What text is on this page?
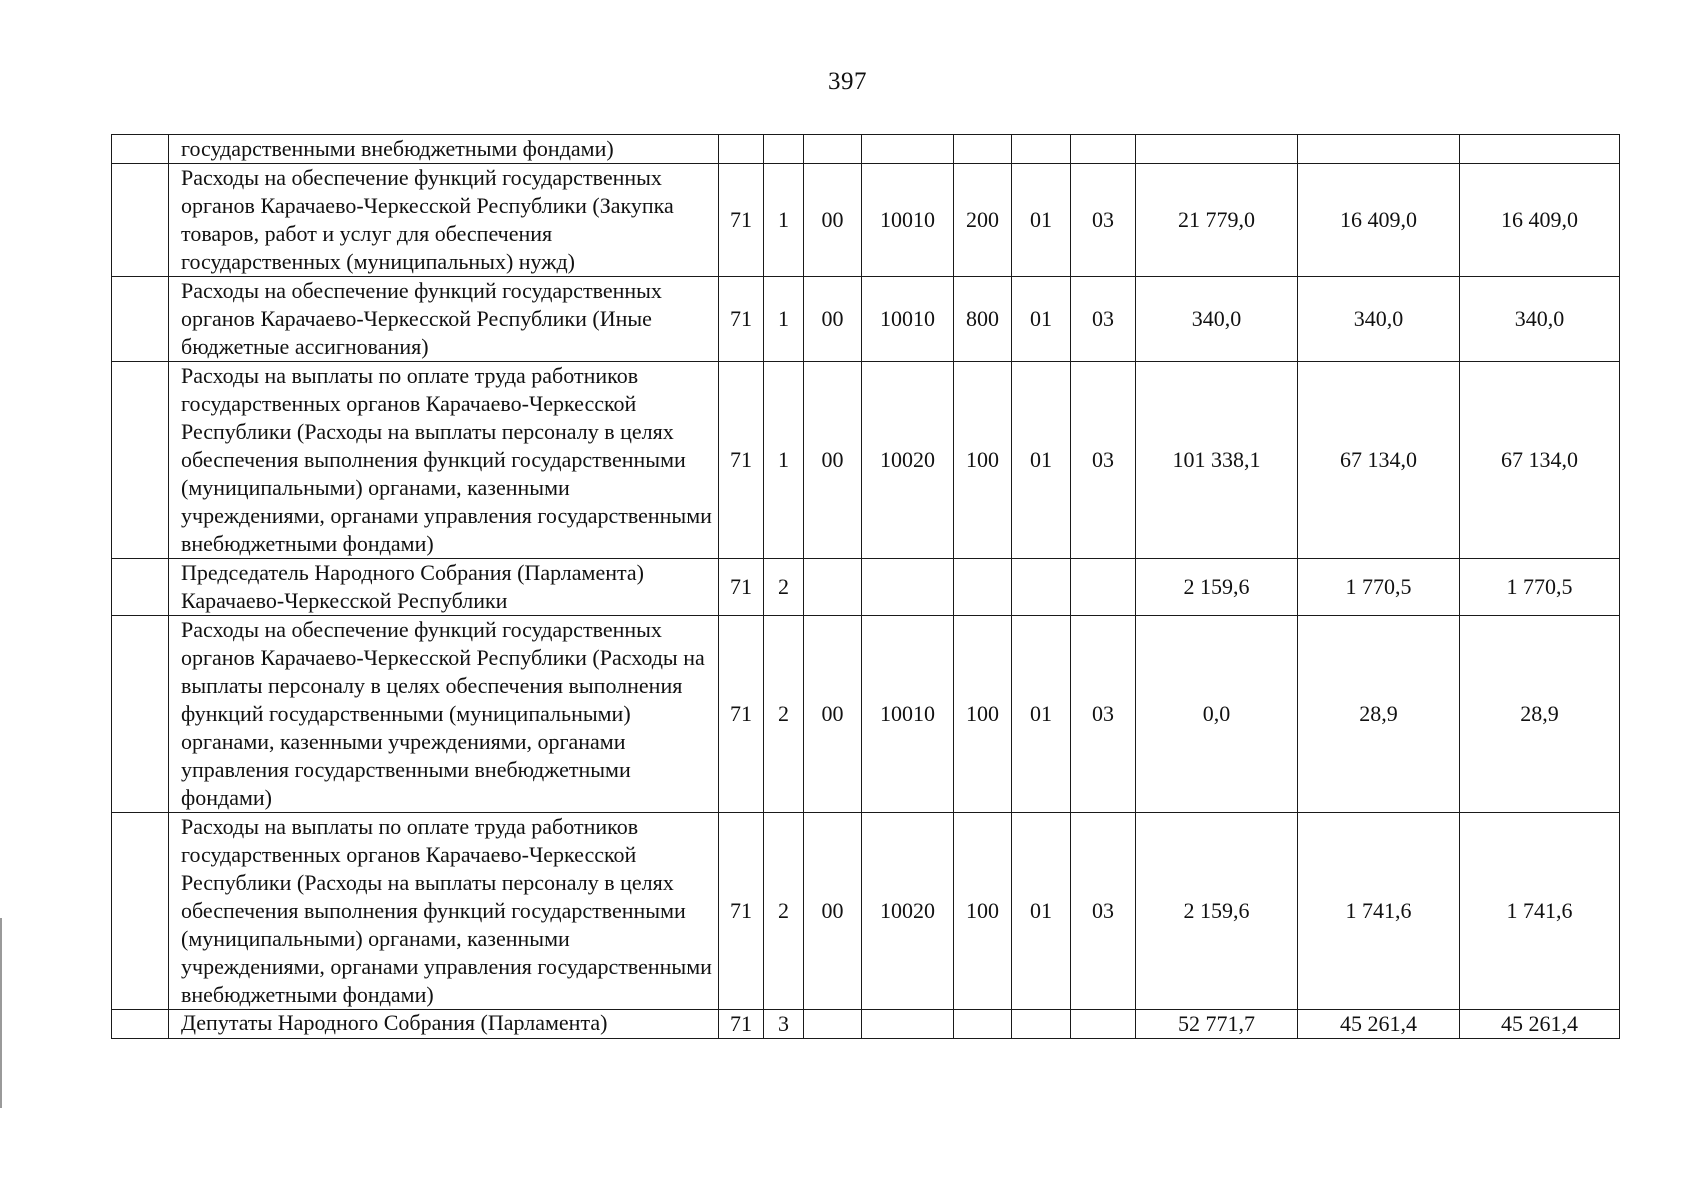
397
	государственными внебюджетными фондами)										
	Расходы на обеспечение функций государственных органов Карачаево-Черкесской Республики (Закупка товаров, работ и услуг для обеспечения государственных (муниципальных) нужд)	71	1	00	10010	200	01	03	21 779,0	16 409,0	16 409,0
	Расходы на обеспечение функций государственных органов Карачаево-Черкесской Республики (Иные бюджетные ассигнования)	71	1	00	10010	800	01	03	340,0	340,0	340,0
	Расходы на выплаты по оплате труда работников государственных органов Карачаево-Черкесской Республики (Расходы на выплаты персоналу в целях обеспечения выполнения функций государственными (муниципальными) органами, казенными учреждениями, органами управления государственными внебюджетными фондами)	71	1	00	10020	100	01	03	101 338,1	67 134,0	67 134,0
	Председатель Народного Собрания (Парламента) Карачаево-Черкесской Республики	71	2						2 159,6	1 770,5	1 770,5
	Расходы на обеспечение функций государственных органов Карачаево-Черкесской Республики (Расходы на выплаты персоналу в целях обеспечения выполнения функций государственными (муниципальными) органами, казенными учреждениями, органами управления государственными внебюджетными фондами)	71	2	00	10010	100	01	03	0,0	28,9	28,9
	Расходы на выплаты по оплате труда работников государственных органов Карачаево-Черкесской Республики (Расходы на выплаты персоналу в целях обеспечения выполнения функций государственными (муниципальными) органами, казенными учреждениями, органами управления государственными внебюджетными фондами)	71	2	00	10020	100	01	03	2 159,6	1 741,6	1 741,6
	Депутаты Народного Собрания (Парламента)	71	3						52 771,7	45 261,4	45 261,4
